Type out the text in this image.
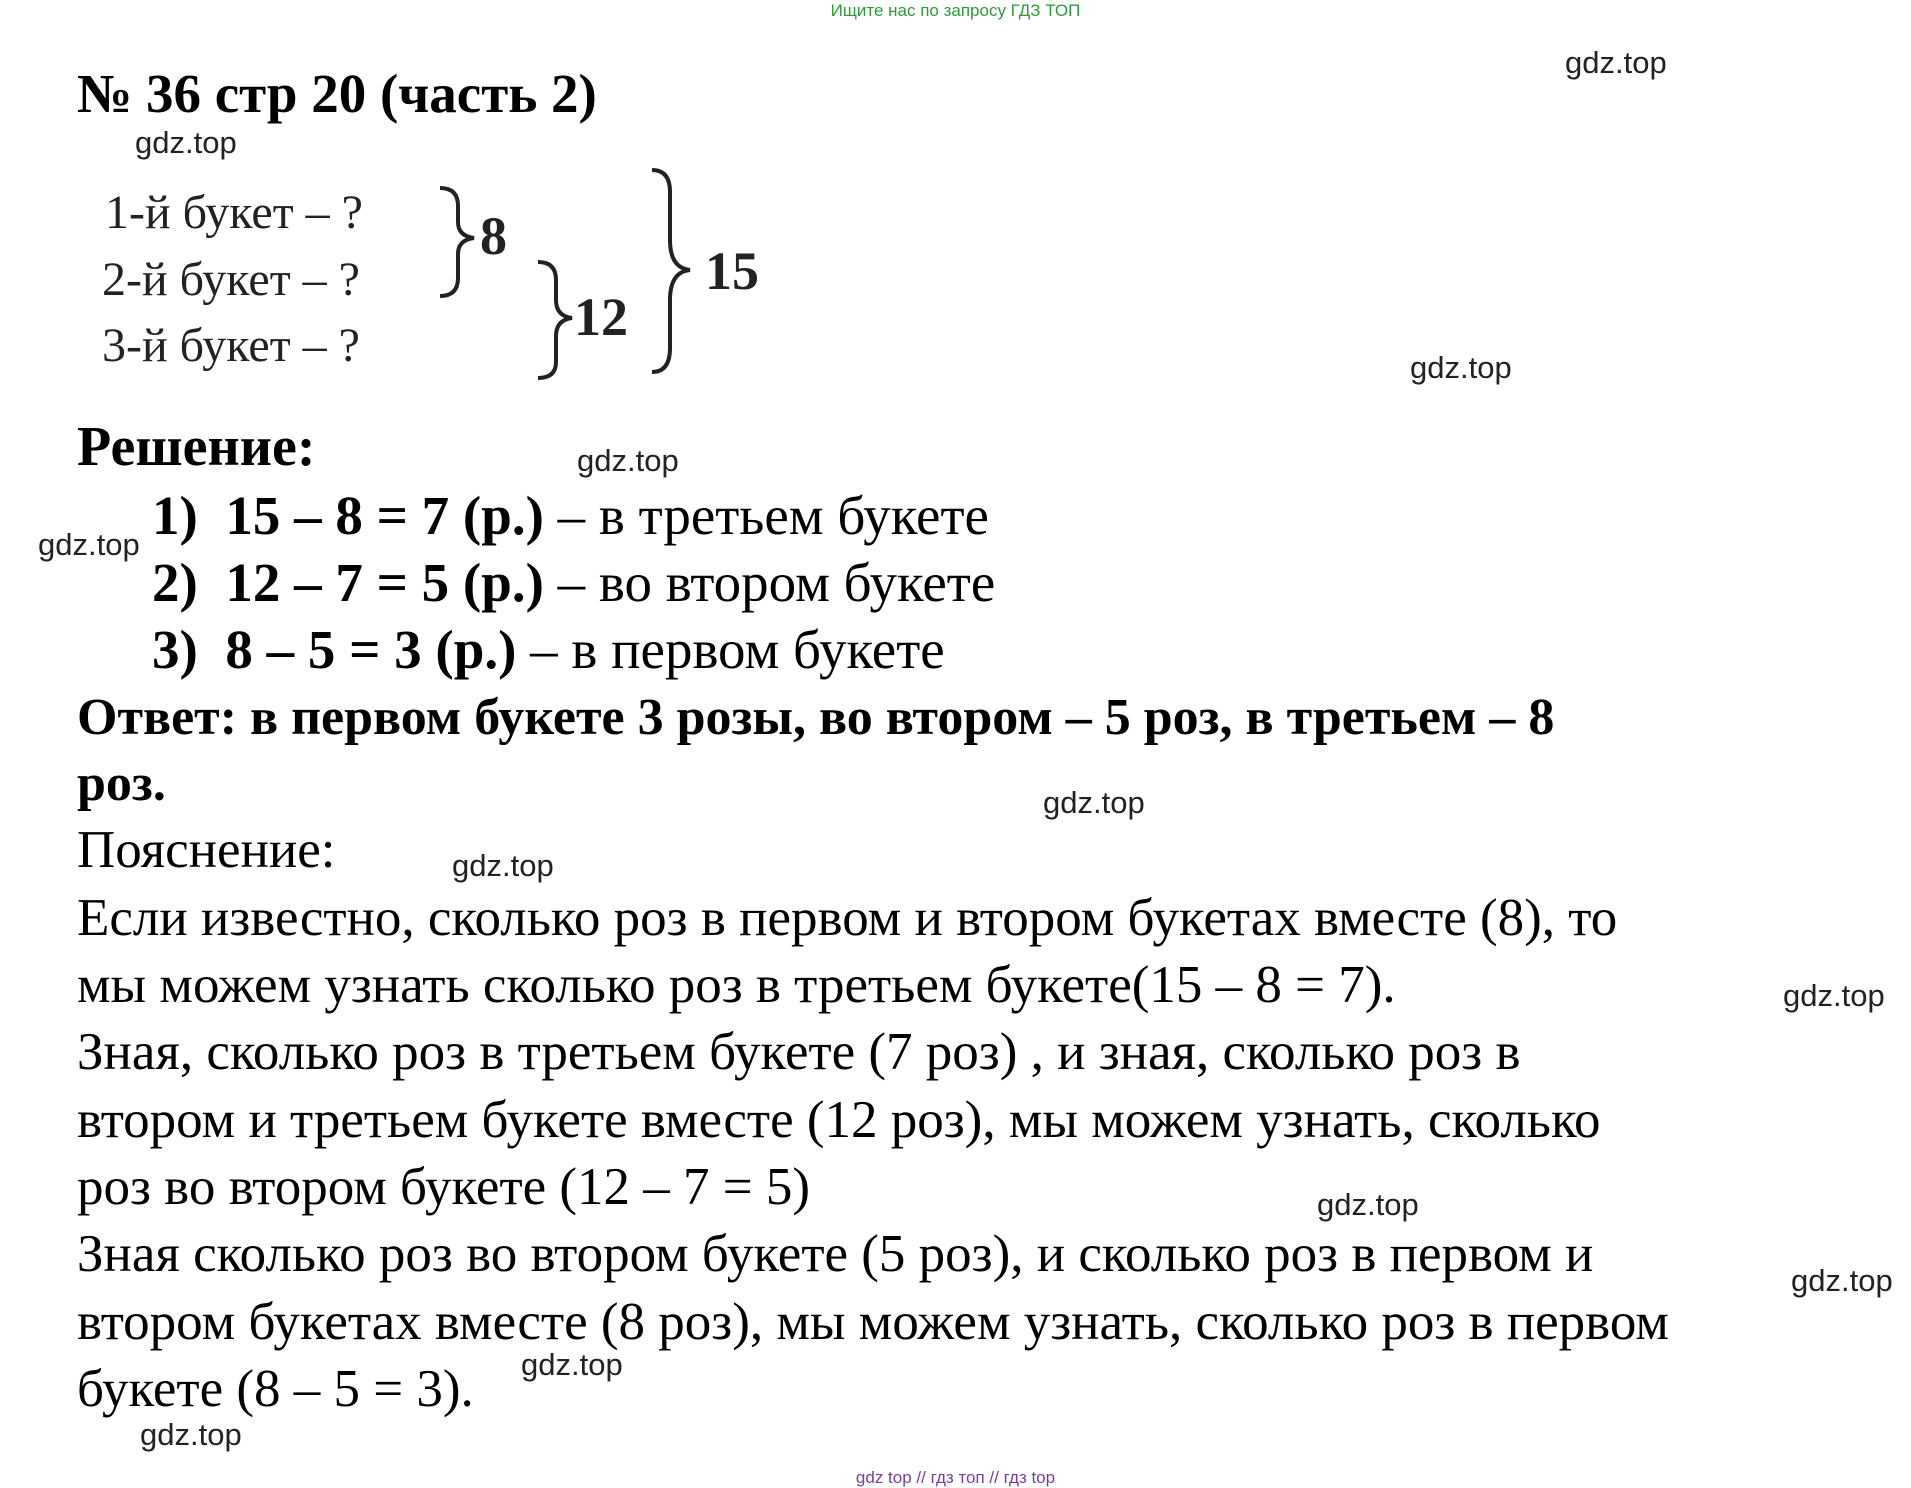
Ищите нас по запросу ГДЗ ТОП
№ 36 стр 20 (часть 2)
1-й букет – ?
2-й букет – ?
3-й букет – ?
8
12
15
Решение:
1) 15 – 8 = 7 (р.) – в третьем букете
2) 12 – 7 = 5 (р.) – во втором букете
3) 8 – 5 = 3 (р.) – в первом букете
Ответ: в первом букете 3 розы, во втором – 5 роз, в третьем – 8
роз.
Пояснение:
Если известно, сколько роз в первом и втором букетах вместе (8), то
мы можем узнать сколько роз в третьем букете(15 – 8 = 7).
Зная, сколько роз в третьем букете (7 роз) , и зная, сколько роз в
втором и третьем букете вместе (12 роз), мы можем узнать, сколько
роз во втором букете (12 – 7 = 5)
Зная сколько роз во втором букете (5 роз), и сколько роз в первом и
втором букетах вместе (8 роз), мы можем узнать, сколько роз в первом
букете (8 – 5 = 3).
gdz.top
gdz.top
gdz.top
gdz.top
gdz.top
gdz.top
gdz.top
gdz.top
gdz.top
gdz.top
gdz.top
gdz.top
gdz top // гдз топ // гдз top
